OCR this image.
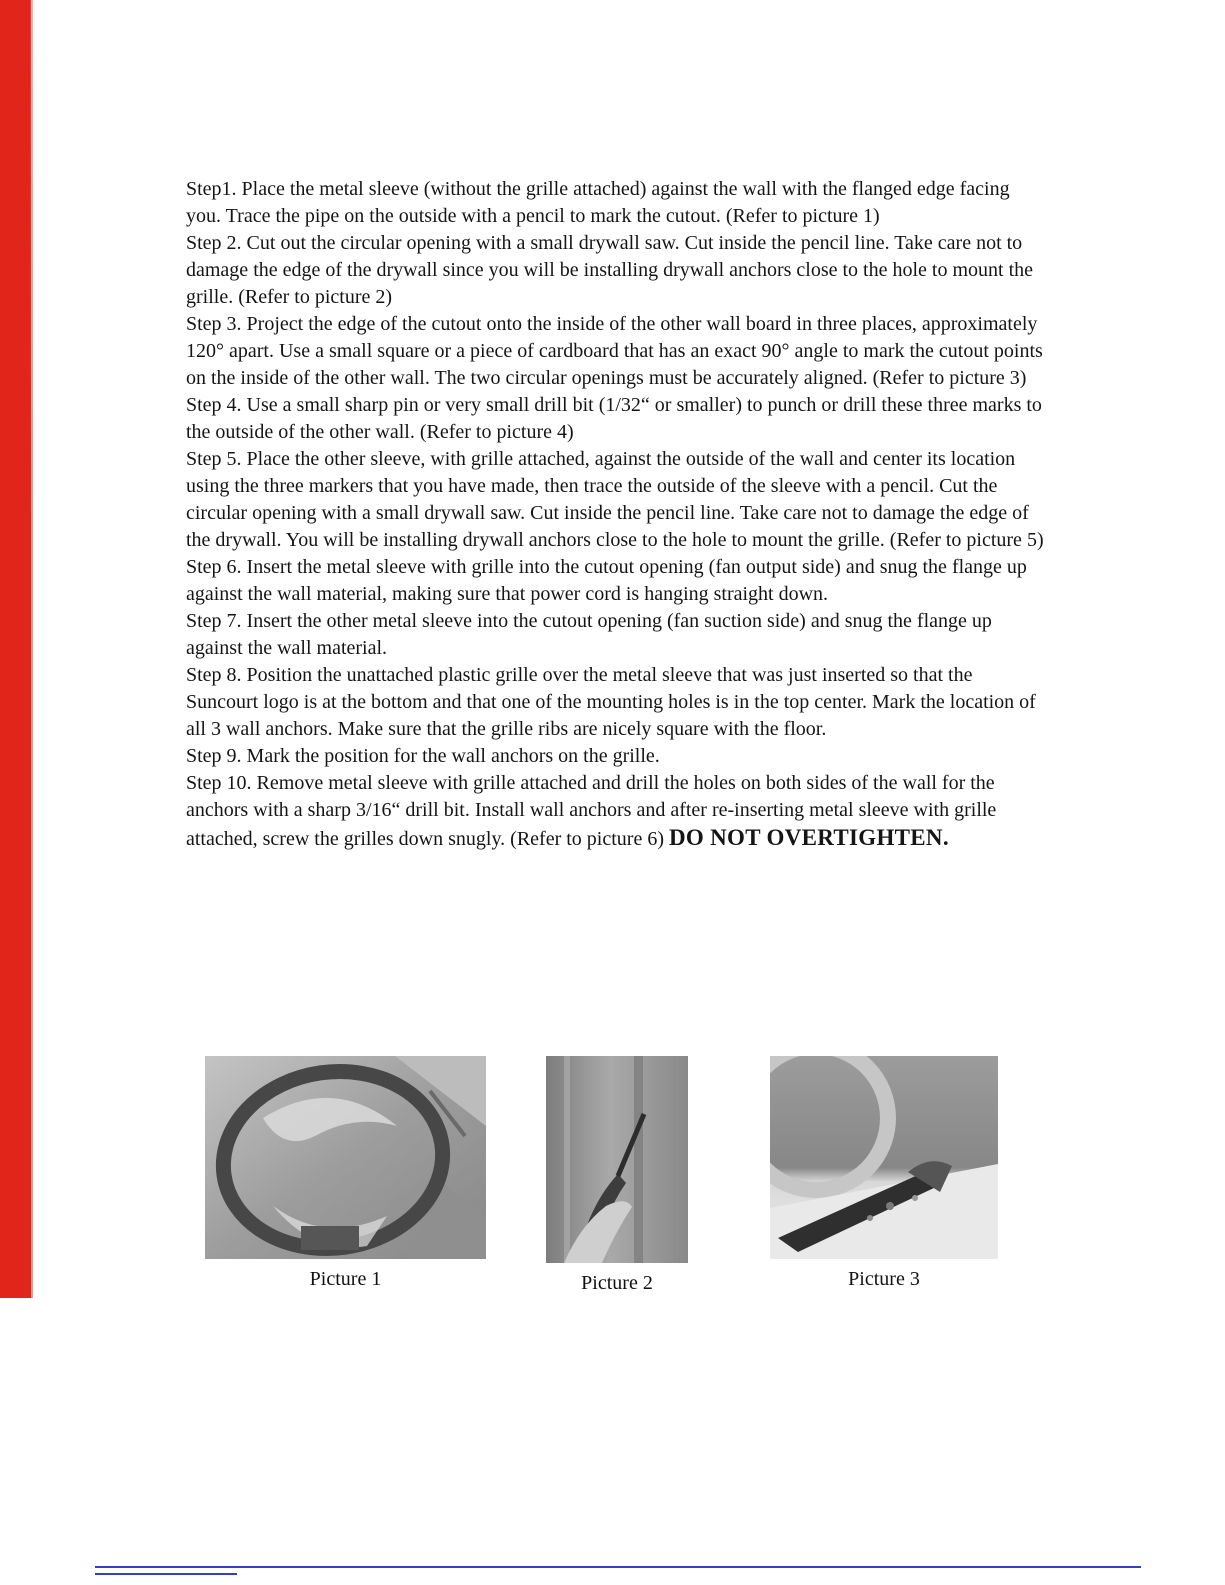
Step1. Place the metal sleeve (without the grille attached) against the wall with the flanged edge facing you. Trace the pipe on the outside with a pencil to mark the cutout. (Refer to picture 1)

Step 2. Cut out the circular opening with a small drywall saw. Cut inside the pencil line. Take care not to damage the edge of the drywall since you will be installing drywall anchors close to the hole to mount the grille. (Refer to picture 2)

Step 3. Project the edge of the cutout onto the inside of the other wall board in three places, approximately 120° apart. Use a small square or a piece of cardboard that has an exact 90° angle to mark the cutout points on the inside of the other wall. The two circular openings must be accurately aligned. (Refer to picture 3)

Step 4. Use a small sharp pin or very small drill bit (1/32“ or smaller) to punch or drill these three marks to the outside of the other wall. (Refer to picture 4)

Step 5. Place the other sleeve, with grille attached, against the outside of the wall and center its location using the three markers that you have made, then trace the outside of the sleeve with a pencil. Cut the circular opening with a small drywall saw. Cut inside the pencil line. Take care not to damage the edge of the drywall. You will be installing drywall anchors close to the hole to mount the grille. (Refer to picture 5)

Step 6. Insert the metal sleeve with grille into the cutout opening (fan output side) and snug the flange up against the wall material, making sure that power cord is hanging straight down.

Step 7. Insert the other metal sleeve into the cutout opening (fan suction side) and snug the flange up against the wall material.

Step 8. Position the unattached plastic grille over the metal sleeve that was just inserted so that the Suncourt logo is at the bottom and that one of the mounting holes is in the top center. Mark the location of all 3 wall anchors. Make sure that the grille ribs are nicely square with the floor.

Step 9. Mark the position for the wall anchors on the grille.

Step 10. Remove metal sleeve with grille attached and drill the holes on both sides of the wall for the anchors with a sharp 3/16“ drill bit. Install wall anchors and after re-inserting metal sleeve with grille attached, screw the grilles down snugly. (Refer to picture 6) DO NOT OVERTIGHTEN.

Picture 1	Picture 2	Picture 3
